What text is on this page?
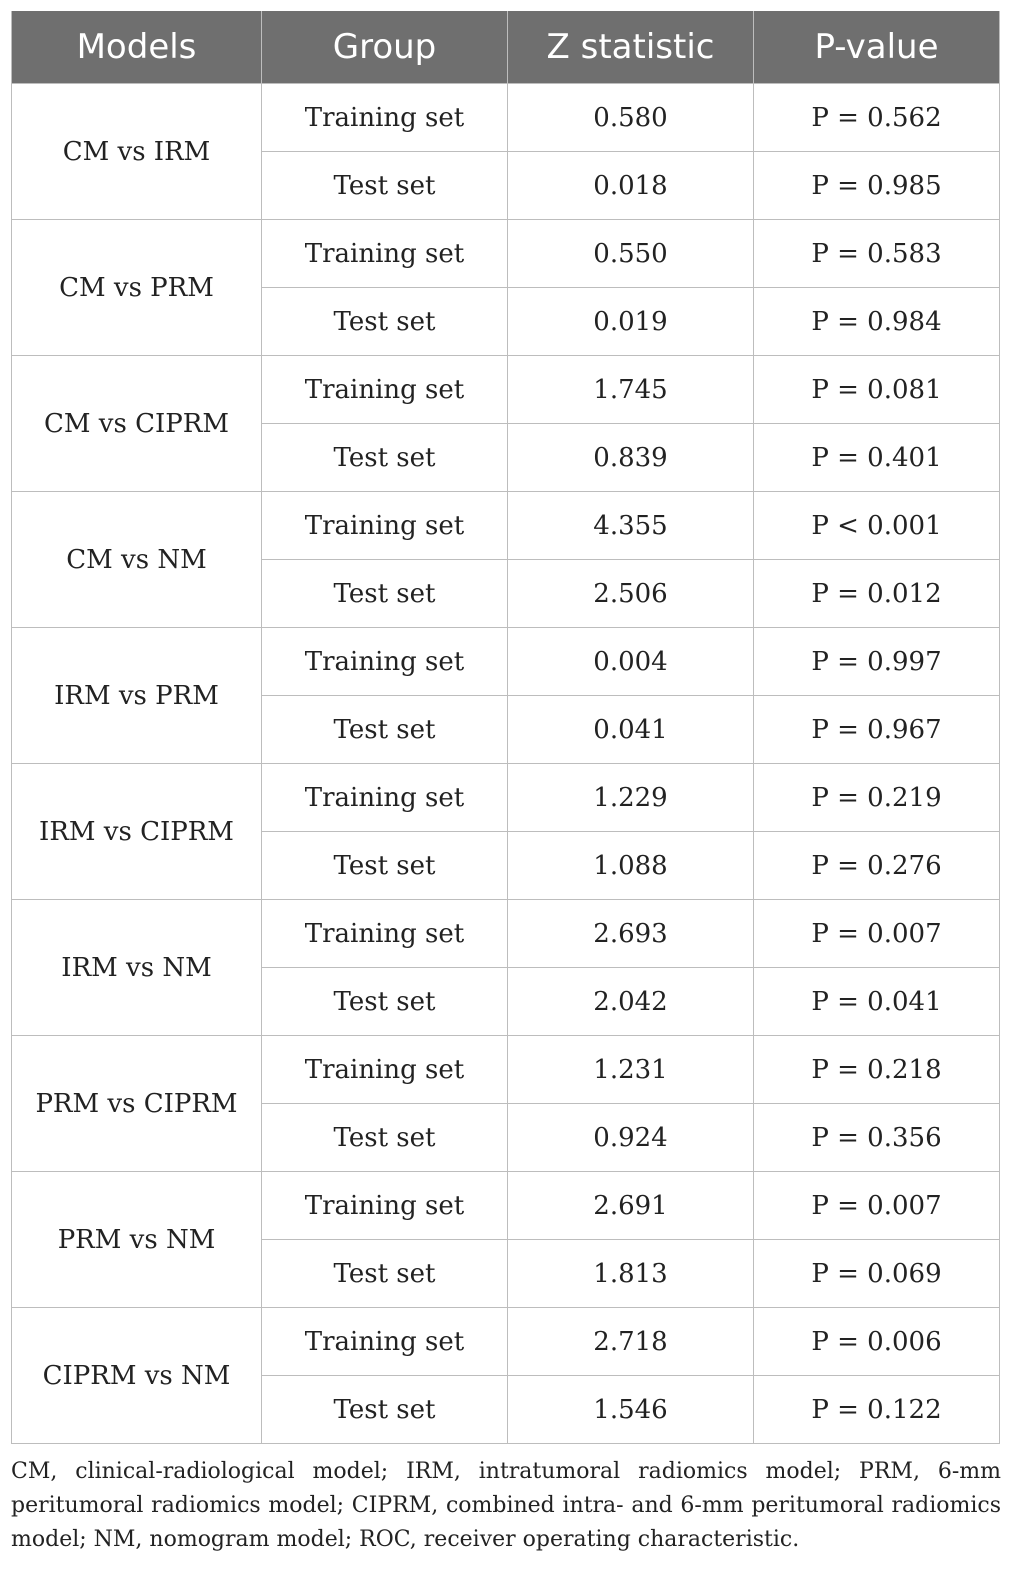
Models	Group	Z statistic	P-value
CM vs IRM	Training set	0.580	P = 0.562
	Test set	0.018	P = 0.985
CM vs PRM	Training set	0.550	P = 0.583
	Test set	0.019	P = 0.984
CM vs CIPRM	Training set	1.745	P = 0.081
	Test set	0.839	P = 0.401
CM vs NM	Training set	4.355	P < 0.001
	Test set	2.506	P = 0.012
IRM vs PRM	Training set	0.004	P = 0.997
	Test set	0.041	P = 0.967
IRM vs CIPRM	Training set	1.229	P = 0.219
	Test set	1.088	P = 0.276
IRM vs NM	Training set	2.693	P = 0.007
	Test set	2.042	P = 0.041
PRM vs CIPRM	Training set	1.231	P = 0.218
	Test set	0.924	P = 0.356
PRM vs NM	Training set	2.691	P = 0.007
	Test set	1.813	P = 0.069
CIPRM vs NM	Training set	2.718	P = 0.006
	Test set	1.546	P = 0.122
CM, clinical-radiological model; IRM, intratumoral radiomics model; PRM, 6-mm peritumoral radiomics model; CIPRM, combined intra- and 6-mm peritumoral radiomics model; NM, nomogram model; ROC, receiver operating characteristic.
